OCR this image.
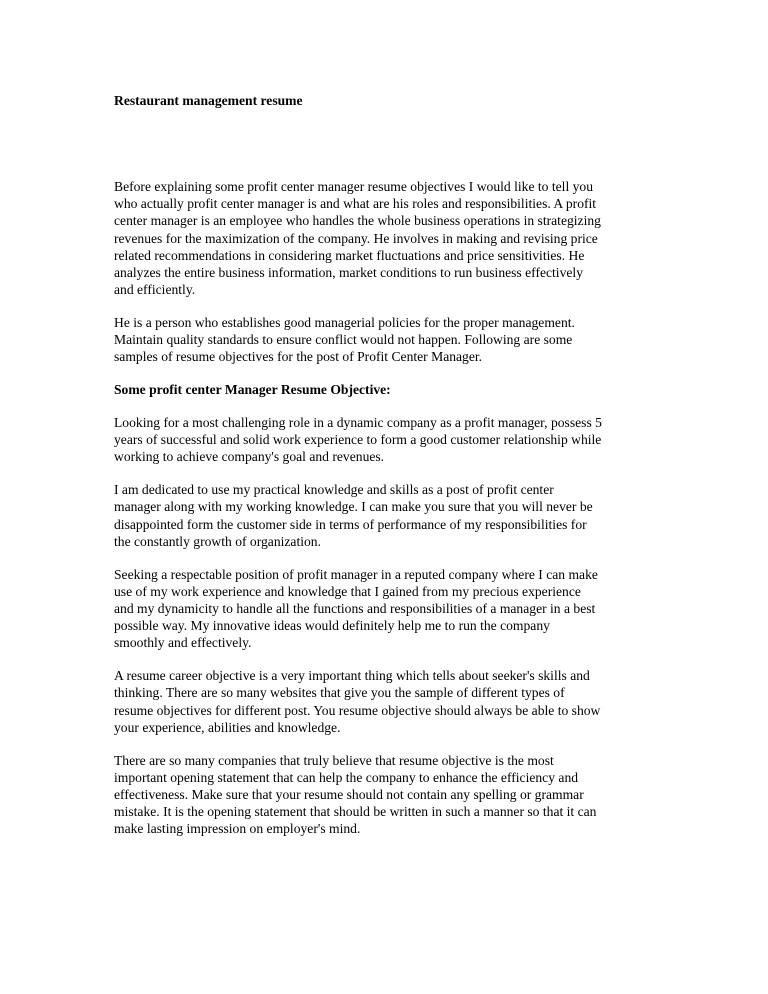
Restaurant management resume

Before explaining some profit center manager resume objectives I would like to tell you
who actually profit center manager is and what are his roles and responsibilities. A profit
center manager is an employee who handles the whole business operations in strategizing
revenues for the maximization of the company. He involves in making and revising price
related recommendations in considering market fluctuations and price sensitivities. He
analyzes the entire business information, market conditions to run business effectively
and efficiently.
He is a person who establishes good managerial policies for the proper management.
Maintain quality standards to ensure conflict would not happen. Following are some
samples of resume objectives for the post of Profit Center Manager.
Some profit center Manager Resume Objective:
Looking for a most challenging role in a dynamic company as a profit manager, possess 5
years of successful and solid work experience to form a good customer relationship while
working to achieve company's goal and revenues.
I am dedicated to use my practical knowledge and skills as a post of profit center
manager along with my working knowledge. I can make you sure that you will never be
disappointed form the customer side in terms of performance of my responsibilities for
the constantly growth of organization.
Seeking a respectable position of profit manager in a reputed company where I can make
use of my work experience and knowledge that I gained from my precious experience
and my dynamicity to handle all the functions and responsibilities of a manager in a best
possible way. My innovative ideas would definitely help me to run the company
smoothly and effectively.
A resume career objective is a very important thing which tells about seeker's skills and
thinking. There are so many websites that give you the sample of different types of
resume objectives for different post. You resume objective should always be able to show
your experience, abilities and knowledge.
There are so many companies that truly believe that resume objective is the most
important opening statement that can help the company to enhance the efficiency and
effectiveness. Make sure that your resume should not contain any spelling or grammar
mistake. It is the opening statement that should be written in such a manner so that it can
make lasting impression on employer's mind.
